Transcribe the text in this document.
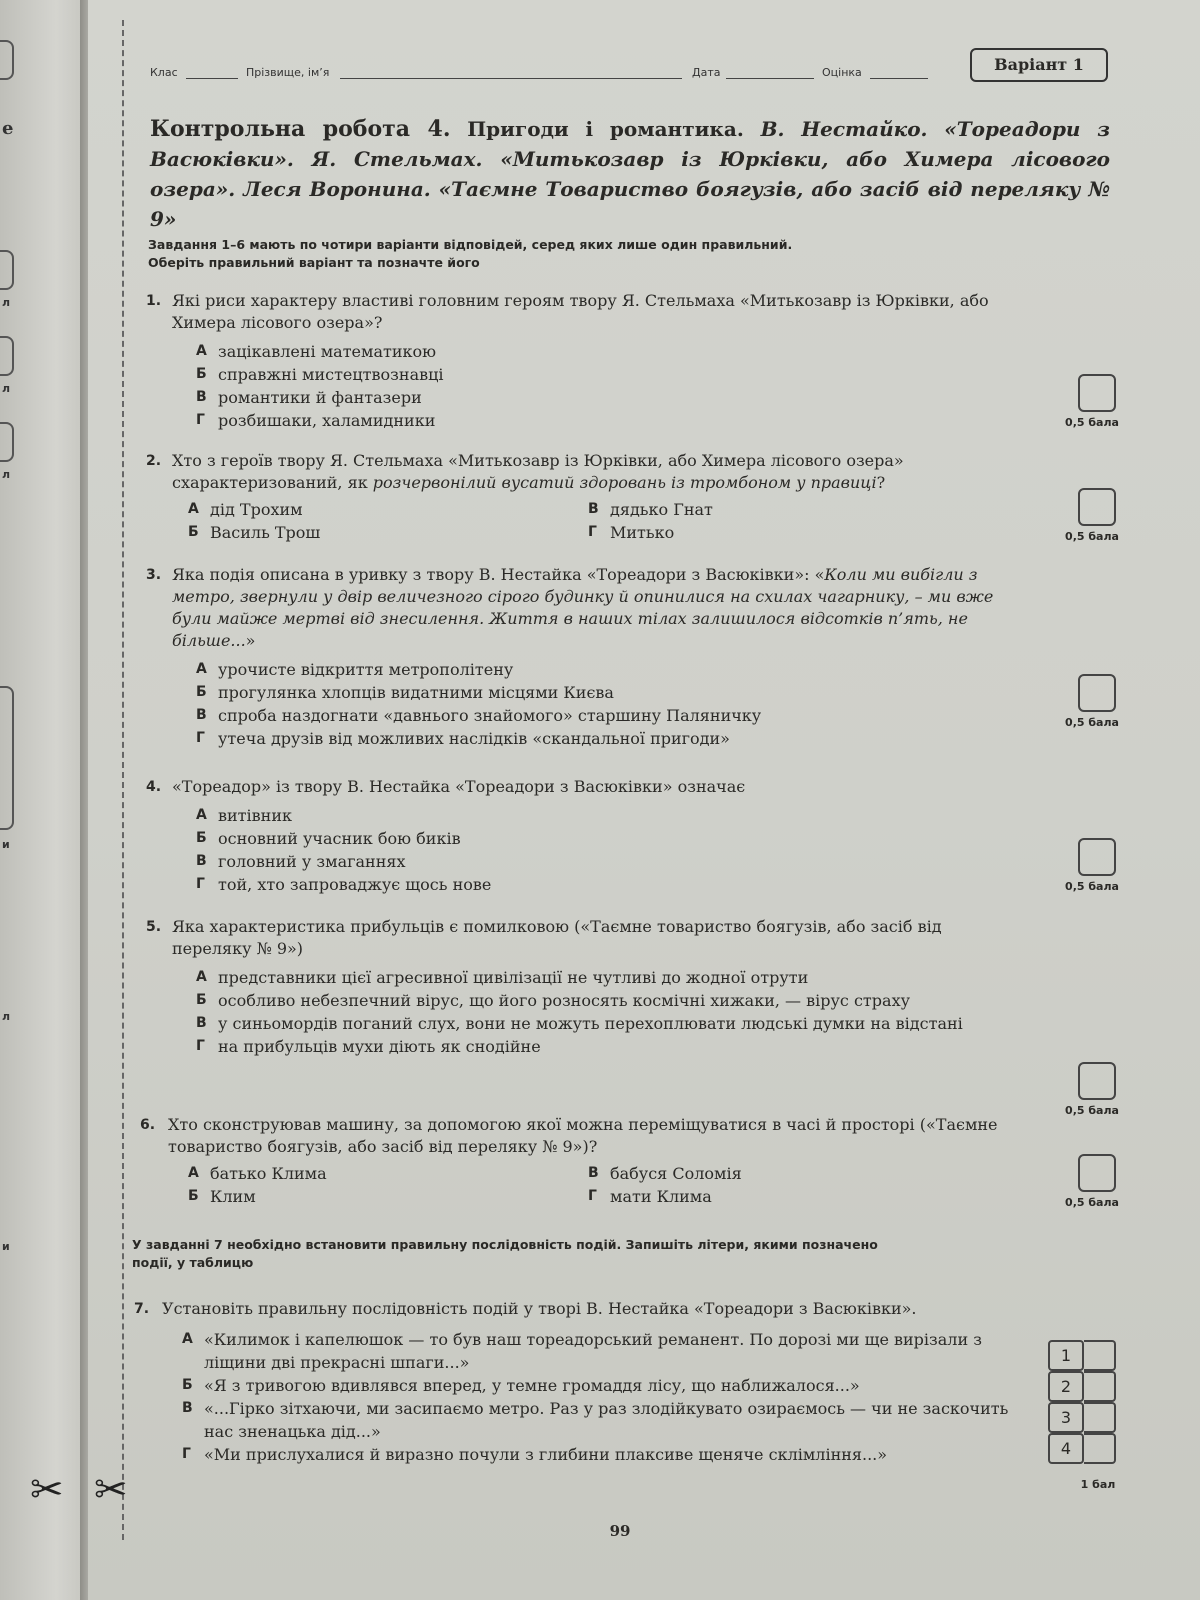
е
л
л
л
и
л
и
✂ ✂
Клас	Прізвище, ім’я	Дата	Оцінка	Варіант 1
Контрольна робота 4. Пригоди і романтика. В. Нестайко. «Тореадори з Васюківки». Я. Стельмах. «Митькозавр із Юрківки, або Химера лісового озера». Леся Воронина. «Таємне Товариство боягузів, або засіб від переляку № 9»
Завдання 1–6 мають по чотири варіанти відповідей, серед яких лише один правильний.
Оберіть правильний варіант та позначте його
1. Які риси характеру властиві головним героям твору Я. Стельмаха «Митькозавр із Юрківки, або Химера лісового озера»?
А зацікавлені математикою
Б справжні мистецтвознавці
В романтики й фантазери
Г розбишаки, халамидники	0,5 бала
2. Хто з героїв твору Я. Стельмаха «Митькозавр із Юрківки, або Химера лісового озера» схарактеризований, як розчервонілий вусатий здоровань із тромбоном у правиці?
А дід Трохим	В дядько Гнат
Б Василь Трош	Г Митько	0,5 бала
3. Яка подія описана в уривку з твору В. Нестайка «Тореадори з Васюківки»: «Коли ми вибігли з метро, звернули у двір величезного сірого будинку й опинилися на схилах чагарнику, – ми вже були майже мертві від знесилення. Життя в наших тілах залишилося відсотків п’ять, не більше...»
А урочисте відкриття метрополітену
Б прогулянка хлопців видатними місцями Києва
В спроба наздогнати «давнього знайомого» старшину Паляничку
Г утеча друзів від можливих наслідків «скандальної пригоди»
0,5 бала
4. «Тореадор» із твору В. Нестайка «Тореадори з Васюківки» означає
А витівник
Б основний учасник бою биків
В головний у змаганнях
Г той, хто запроваджує щось нове	0,5 бала
5. Яка характеристика прибульців є помилковою («Таємне товариство боягузів, або засіб від переляку № 9»)
А представники цієї агресивної цивілізації не чутливі до жодної отрути
Б особливо небезпечний вірус, що його розносять космічні хижаки, — вірус страху
В у синьомордів поганий слух, вони не можуть перехоплювати людські думки на відстані
Г на прибульців мухи діють як снодійне
0,5 бала
6. Хто сконструював машину, за допомогою якої можна переміщуватися в часі й просторі («Таємне товариство боягузів, або засіб від переляку № 9»)?
А батько Клима	В бабуся Соломія
Б Клим	Г мати Клима	0,5 бала
У завданні 7 необхідно встановити правильну послідовність подій. Запишіть літери, якими позначено
події, у таблицю
7. Установіть правильну послідовність подій у творі В. Нестайка «Тореадори з Васюківки».
А «Килимок і капелюшок — то був наш тореадорський реманент. По дорозі ми ще вирізали з ліщини дві прекрасні шпаги...»
Б «Я з тривогою вдивлявся вперед, у темне громаддя лісу, що наближалося...»
В «...Гірко зітхаючи, ми засипаємо метро. Раз у раз злодійкувато озираємось — чи не заскочить нас зненацька дід...»
Г «Ми прислухалися й виразно почули з глибини плаксиве щеняче склімління...»
1
2
3
4
1 бал
99
